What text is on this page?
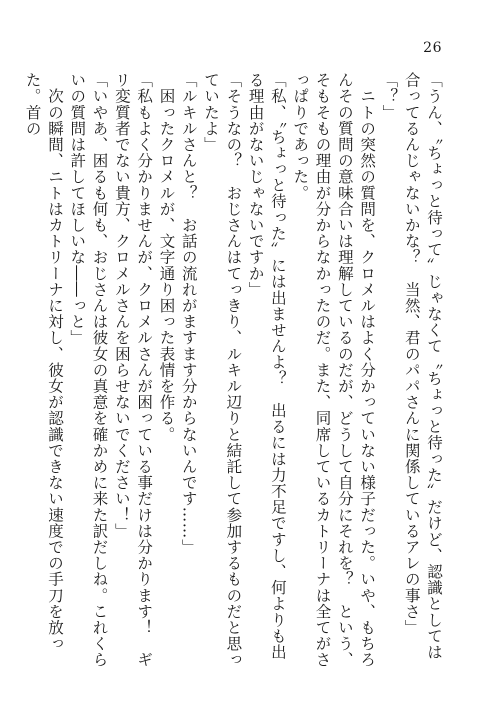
26

「うん、〝ちょっと待って〟じゃなくて〝ちょっと待った〟だけど、認識としては合ってるんじゃないかな？　当然、君のパパさんに関係しているアレの事さ」

「？」

　ニトの突然の質問を、クロメルはよく分かっていない様子だった。いや、もちろんその質問の意味合いは理解しているのだが、どうして自分にそれを？　という、そもそもの理由が分からなかったのだ。また、同席しているカトリーナは全てがさっぱりであった。

「私、〝ちょっと待った〟には出ませんよ？　出るには力不足ですし、何よりも出る理由がないじゃないですか」

「そうなの？　おじさんはてっきり、ルキル辺りと結託して参加するものだと思っていたよ」

「ルキルさんと？　お話の流れがますます分からないんです……」

　困ったクロメルが、文字通り困った表情を作る。

「私もよく分かりませんが、クロメルさんが困っている事だけは分かります！　ギリ変質者でない貴方、クロメルさんを困らせないでください！」

「いやあ、困るも何も、おじさんは彼女の真意を確かめに来た訳だしね。これくらいの質問は許してほしいな――っと」

　次の瞬間、ニトはカトリーナに対し、彼女が認識できない速度での手刀を放った。首の
